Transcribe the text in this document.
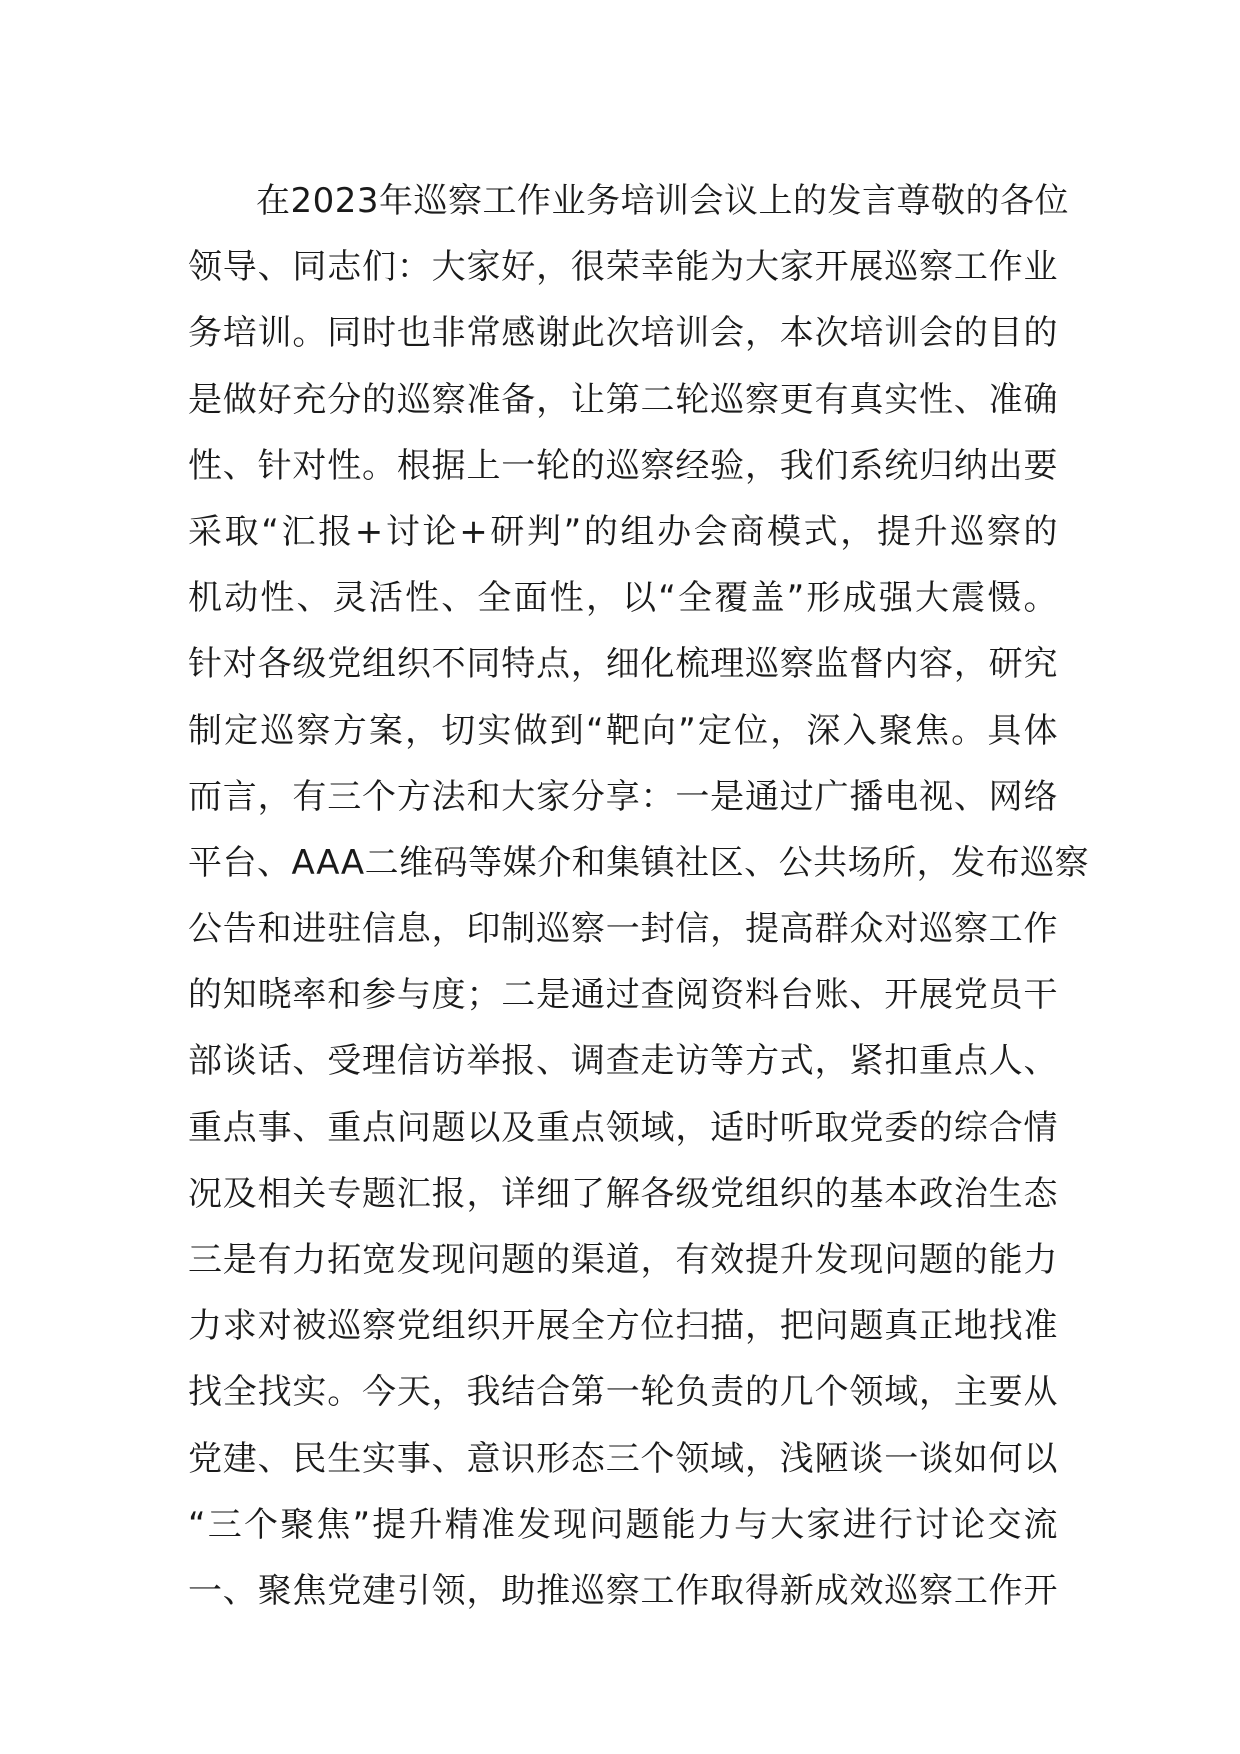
在2023年巡察工作业务培训会议上的发言尊敬的各位
领导、同志们：大家好，很荣幸能为大家开展巡察工作业
务培训。同时也非常感谢此次培训会，本次培训会的目的
是做好充分的巡察准备，让第二轮巡察更有真实性、准确
性、针对性。根据上一轮的巡察经验，我们系统归纳出要
采取“汇报+讨论+研判”的组办会商模式，提升巡察的
机动性、灵活性、全面性，以“全覆盖”形成强大震慑。
针对各级党组织不同特点，细化梳理巡察监督内容，研究
制定巡察方案，切实做到“靶向”定位，深入聚焦。具体
而言，有三个方法和大家分享：一是通过广播电视、网络
平台、AAA二维码等媒介和集镇社区、公共场所，发布巡察
公告和进驻信息，印制巡察一封信，提高群众对巡察工作
的知晓率和参与度；二是通过查阅资料台账、开展党员干
部谈话、受理信访举报、调查走访等方式，紧扣重点人、
重点事、重点问题以及重点领域，适时听取党委的综合情
况及相关专题汇报，详细了解各级党组织的基本政治生态
三是有力拓宽发现问题的渠道，有效提升发现问题的能力
力求对被巡察党组织开展全方位扫描，把问题真正地找准
找全找实。今天，我结合第一轮负责的几个领域，主要从
党建、民生实事、意识形态三个领域，浅陋谈一谈如何以
“三个聚焦”提升精准发现问题能力与大家进行讨论交流
一、聚焦党建引领，助推巡察工作取得新成效巡察工作开
